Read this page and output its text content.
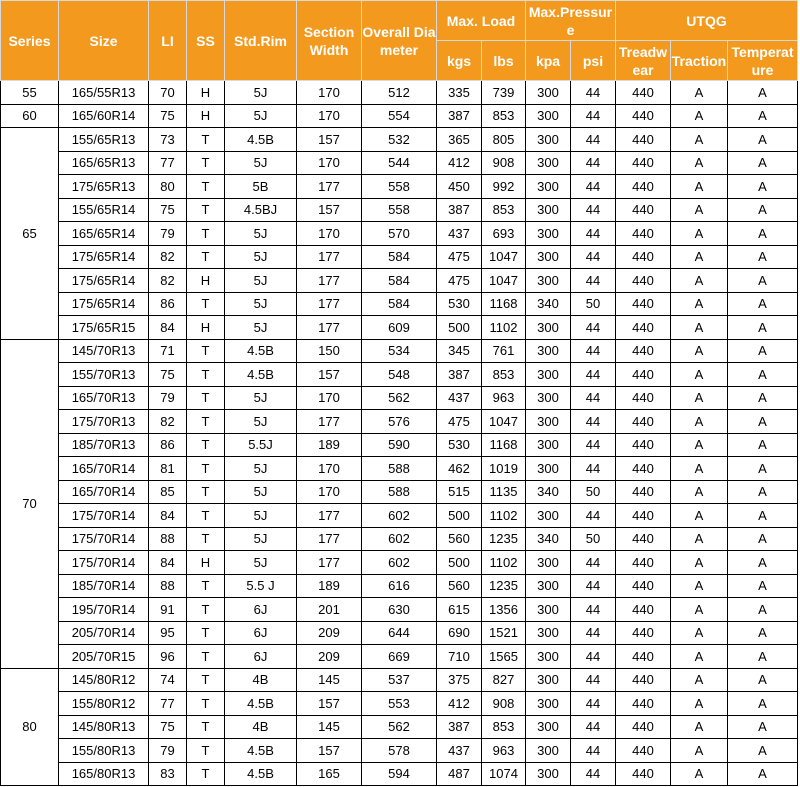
Series	Size	LI	SS	Std.Rim	Section Width	Overall Diameter	Max. Load		Max.Pressure		UTQG		
							kgs	lbs	kpa	psi	Treadwear	Traction	Temperature
55	165/55R13	70	H	5J	170	512	335	739	300	44	440	A	A
60	165/60R14	75	H	5J	170	554	387	853	300	44	440	A	A
65	155/65R13	73	T	4.5B	157	532	365	805	300	44	440	A	A
	165/65R13	77	T	5J	170	544	412	908	300	44	440	A	A
	175/65R13	80	T	5B	177	558	450	992	300	44	440	A	A
	155/65R14	75	T	4.5BJ	157	558	387	853	300	44	440	A	A
	165/65R14	79	T	5J	170	570	437	693	300	44	440	A	A
	175/65R14	82	T	5J	177	584	475	1047	300	44	440	A	A
	175/65R14	82	H	5J	177	584	475	1047	300	44	440	A	A
	175/65R14	86	T	5J	177	584	530	1168	340	50	440	A	A
	175/65R15	84	H	5J	177	609	500	1102	300	44	440	A	A
70	145/70R13	71	T	4.5B	150	534	345	761	300	44	440	A	A
	155/70R13	75	T	4.5B	157	548	387	853	300	44	440	A	A
	165/70R13	79	T	5J	170	562	437	963	300	44	440	A	A
	175/70R13	82	T	5J	177	576	475	1047	300	44	440	A	A
	185/70R13	86	T	5.5J	189	590	530	1168	300	44	440	A	A
	165/70R14	81	T	5J	170	588	462	1019	300	44	440	A	A
	165/70R14	85	T	5J	170	588	515	1135	340	50	440	A	A
	175/70R14	84	T	5J	177	602	500	1102	300	44	440	A	A
	175/70R14	88	T	5J	177	602	560	1235	340	50	440	A	A
	175/70R14	84	H	5J	177	602	500	1102	300	44	440	A	A
	185/70R14	88	T	5.5 J	189	616	560	1235	300	44	440	A	A
	195/70R14	91	T	6J	201	630	615	1356	300	44	440	A	A
	205/70R14	95	T	6J	209	644	690	1521	300	44	440	A	A
	205/70R15	96	T	6J	209	669	710	1565	300	44	440	A	A
80	145/80R12	74	T	4B	145	537	375	827	300	44	440	A	A
	155/80R12	77	T	4.5B	157	553	412	908	300	44	440	A	A
	145/80R13	75	T	4B	145	562	387	853	300	44	440	A	A
	155/80R13	79	T	4.5B	157	578	437	963	300	44	440	A	A
	165/80R13	83	T	4.5B	165	594	487	1074	300	44	440	A	A
